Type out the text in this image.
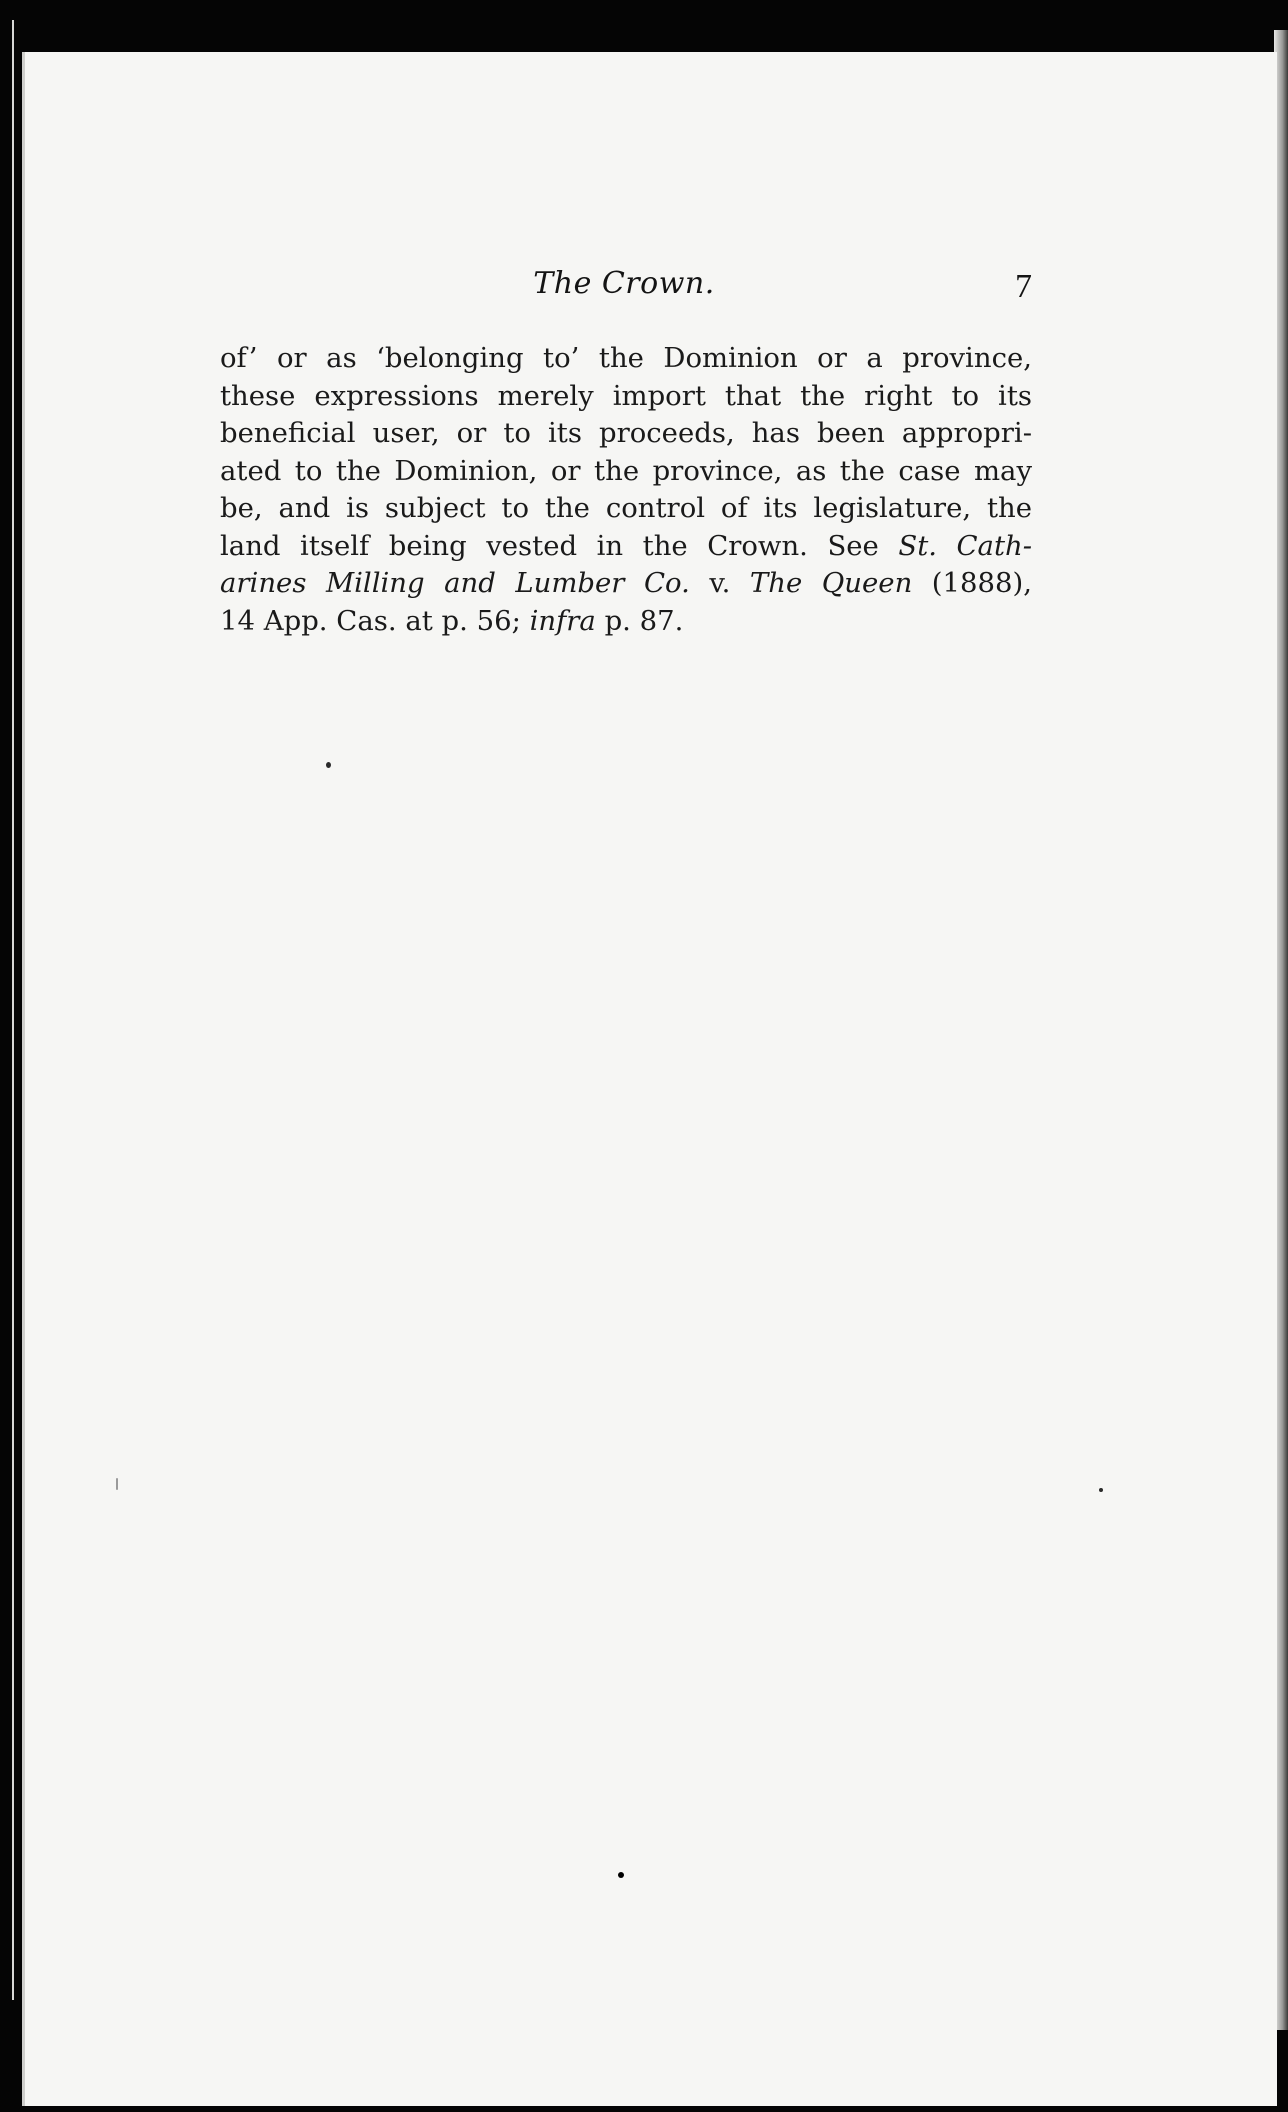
The Crown.	7
of’ or as ‘belonging to’ the Dominion or a province,
these expressions merely import that the right to its
beneficial user, or to its proceeds, has been appropri-
ated to the Dominion, or the province, as the case may
be, and is subject to the control of its legislature, the
land itself being vested in the Crown. See St. Cath-
arines Milling and Lumber Co. v. The Queen (1888),
14 App. Cas. at p. 56; infra p. 87.
